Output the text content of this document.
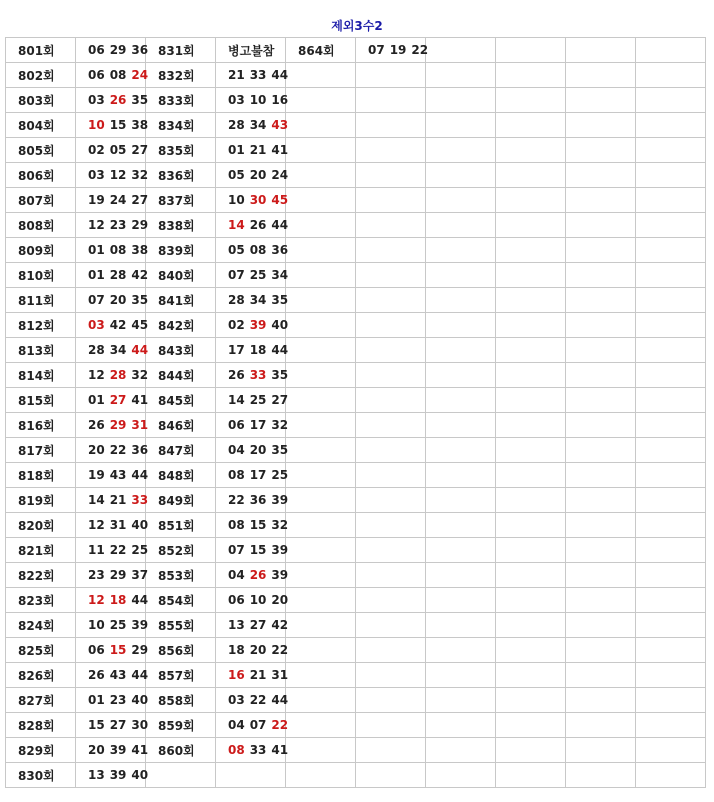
제외3수2
801회	06 29 36	831회	병고불참	864회	07 19 22				
802회	06 08 24	832회	21 33 44						
803회	03 26 35	833회	03 10 16						
804회	10 15 38	834회	28 34 43						
805회	02 05 27	835회	01 21 41						
806회	03 12 32	836회	05 20 24						
807회	19 24 27	837회	10 30 45						
808회	12 23 29	838회	14 26 44						
809회	01 08 38	839회	05 08 36						
810회	01 28 42	840회	07 25 34						
811회	07 20 35	841회	28 34 35						
812회	03 42 45	842회	02 39 40						
813회	28 34 44	843회	17 18 44						
814회	12 28 32	844회	26 33 35						
815회	01 27 41	845회	14 25 27						
816회	26 29 31	846회	06 17 32						
817회	20 22 36	847회	04 20 35						
818회	19 43 44	848회	08 17 25						
819회	14 21 33	849회	22 36 39						
820회	12 31 40	851회	08 15 32						
821회	11 22 25	852회	07 15 39						
822회	23 29 37	853회	04 26 39						
823회	12 18 44	854회	06 10 20						
824회	10 25 39	855회	13 27 42						
825회	06 15 29	856회	18 20 22						
826회	26 43 44	857회	16 21 31						
827회	01 23 40	858회	03 22 44						
828회	15 27 30	859회	04 07 22						
829회	20 39 41	860회	08 33 41						
830회	13 39 40								
